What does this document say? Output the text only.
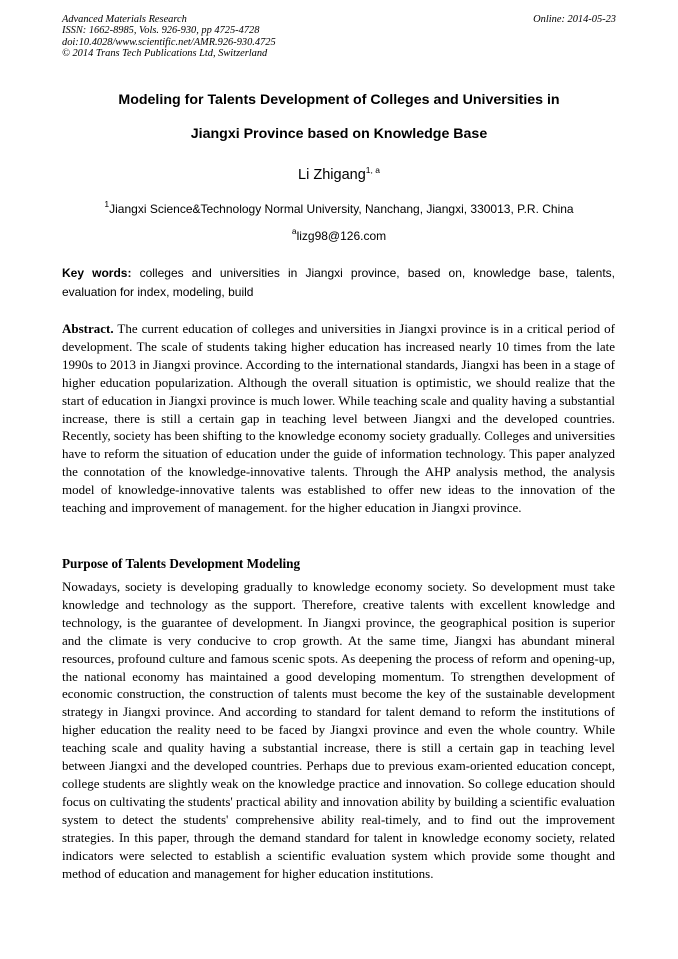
Advanced Materials Research
ISSN: 1662-8985, Vols. 926-930, pp 4725-4728
doi:10.4028/www.scientific.net/AMR.926-930.4725
© 2014 Trans Tech Publications Ltd, Switzerland
Online: 2014-05-23
Modeling for Talents Development of Colleges and Universities in
Jiangxi Province based on Knowledge Base
Li Zhigang$^{1, a}$
$^1$Jiangxi Science&Technology Normal University, Nanchang, Jiangxi, 330013, P.R. China
$^a$lizg98@126.com
Key words: colleges and universities in Jiangxi province, based on, knowledge base, talents, evaluation for index, modeling, build
Abstract. The current education of colleges and universities in Jiangxi province is in a critical period of development. The scale of students taking higher education has increased nearly 10 times from the late 1990s to 2013 in Jiangxi province. According to the international standards, Jiangxi has been in a stage of higher education popularization. Although the overall situation is optimistic, we should realize that the start of education in Jiangxi province is much lower. While teaching scale and quality having a substantial increase, there is still a certain gap in teaching level between Jiangxi and the developed countries. Recently, society has been shifting to the knowledge economy society gradually. Colleges and universities have to reform the situation of education under the guide of information technology. This paper analyzed the connotation of the knowledge-innovative talents. Through the AHP analysis method, the analysis model of knowledge-innovative talents was established to offer new ideas to the innovation of the teaching and improvement of management. for the higher education in Jiangxi province.
Purpose of Talents Development Modeling
Nowadays, society is developing gradually to knowledge economy society. So development must take knowledge and technology as the support. Therefore, creative talents with excellent knowledge and technology, is the guarantee of development. In Jiangxi province, the geographical position is superior and the climate is very conducive to crop growth. At the same time, Jiangxi has abundant mineral resources, profound culture and famous scenic spots. As deepening the process of reform and opening-up, the national economy has maintained a good developing momentum. To strengthen development of economic construction, the construction of talents must become the key of the sustainable development strategy in Jiangxi province. And according to standard for talent demand to reform the institutions of higher education the reality need to be faced by Jiangxi province and even the whole country. While teaching scale and quality having a substantial increase, there is still a certain gap in teaching level between Jiangxi and the developed countries. Perhaps due to previous exam-oriented education concept, college students are slightly weak on the knowledge practice and innovation. So college education should focus on cultivating the students' practical ability and innovation ability by building a scientific evaluation system to detect the students' comprehensive ability real-timely, and to find out the improvement strategies. In this paper, through the demand standard for talent in knowledge economy society, related indicators were selected to establish a scientific evaluation system which provide some thought and method of education and management for higher education institutions.
